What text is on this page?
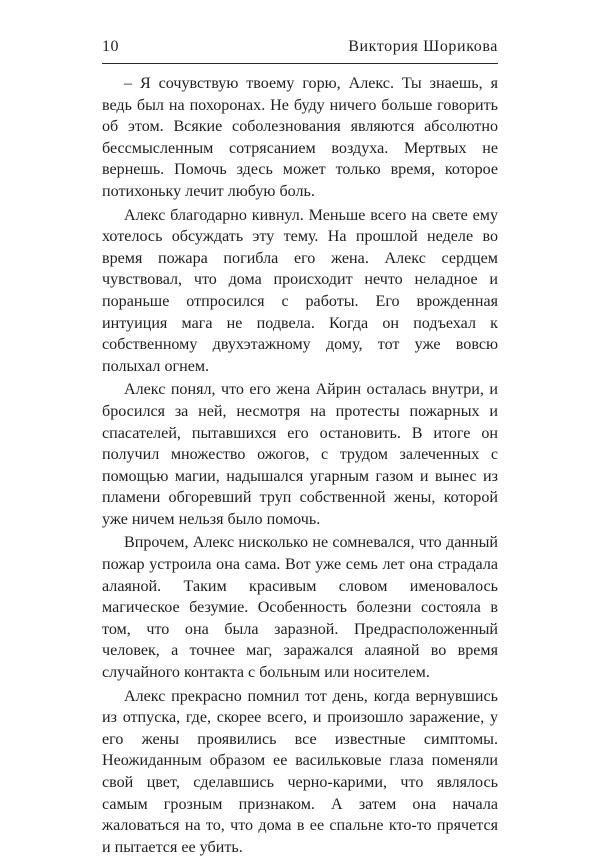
10	Виктория Шорикова

– Я сочувствую твоему горю, Алекс. Ты знаешь, я ведь был на похоронах. Не буду ничего больше говорить об этом. Всякие соболезнования являются абсолютно бессмысленным сотрясанием воздуха. Мертвых не вернешь. Помочь здесь может только время, которое потихоньку лечит любую боль.

Алекс благодарно кивнул. Меньше всего на свете ему хотелось обсуждать эту тему. На прошлой неделе во время пожара погибла его жена. Алекс сердцем чувствовал, что дома происходит нечто неладное и пораньше отпросился с работы. Его врожденная интуиция мага не подвела. Когда он подъехал к собственному двухэтажному дому, тот уже вовсю полыхал огнем.

Алекс понял, что его жена Айрин осталась внутри, и бросился за ней, несмотря на протесты пожарных и спасателей, пытавшихся его остановить. В итоге он получил множество ожогов, с трудом залеченных с помощью магии, надышался угарным газом и вынес из пламени обгоревший труп собственной жены, которой уже ничем нельзя было помочь.

Впрочем, Алекс нисколько не сомневался, что данный пожар устроила она сама. Вот уже семь лет она страдала алаяной. Таким красивым словом именовалось магическое безумие. Особенность болезни состояла в том, что она была заразной. Предрасположенный человек, а точнее маг, заражался алаяной во время случайного контакта с больным или носителем.

Алекс прекрасно помнил тот день, когда вернувшись из отпуска, где, скорее всего, и произошло заражение, у его жены проявились все известные симптомы. Неожиданным образом ее васильковые глаза поменяли свой цвет, сделавшись черно-карими, что являлось самым грозным признаком. А затем она начала жаловаться на то, что дома в ее спальне кто-то прячется и пытается ее убить.
